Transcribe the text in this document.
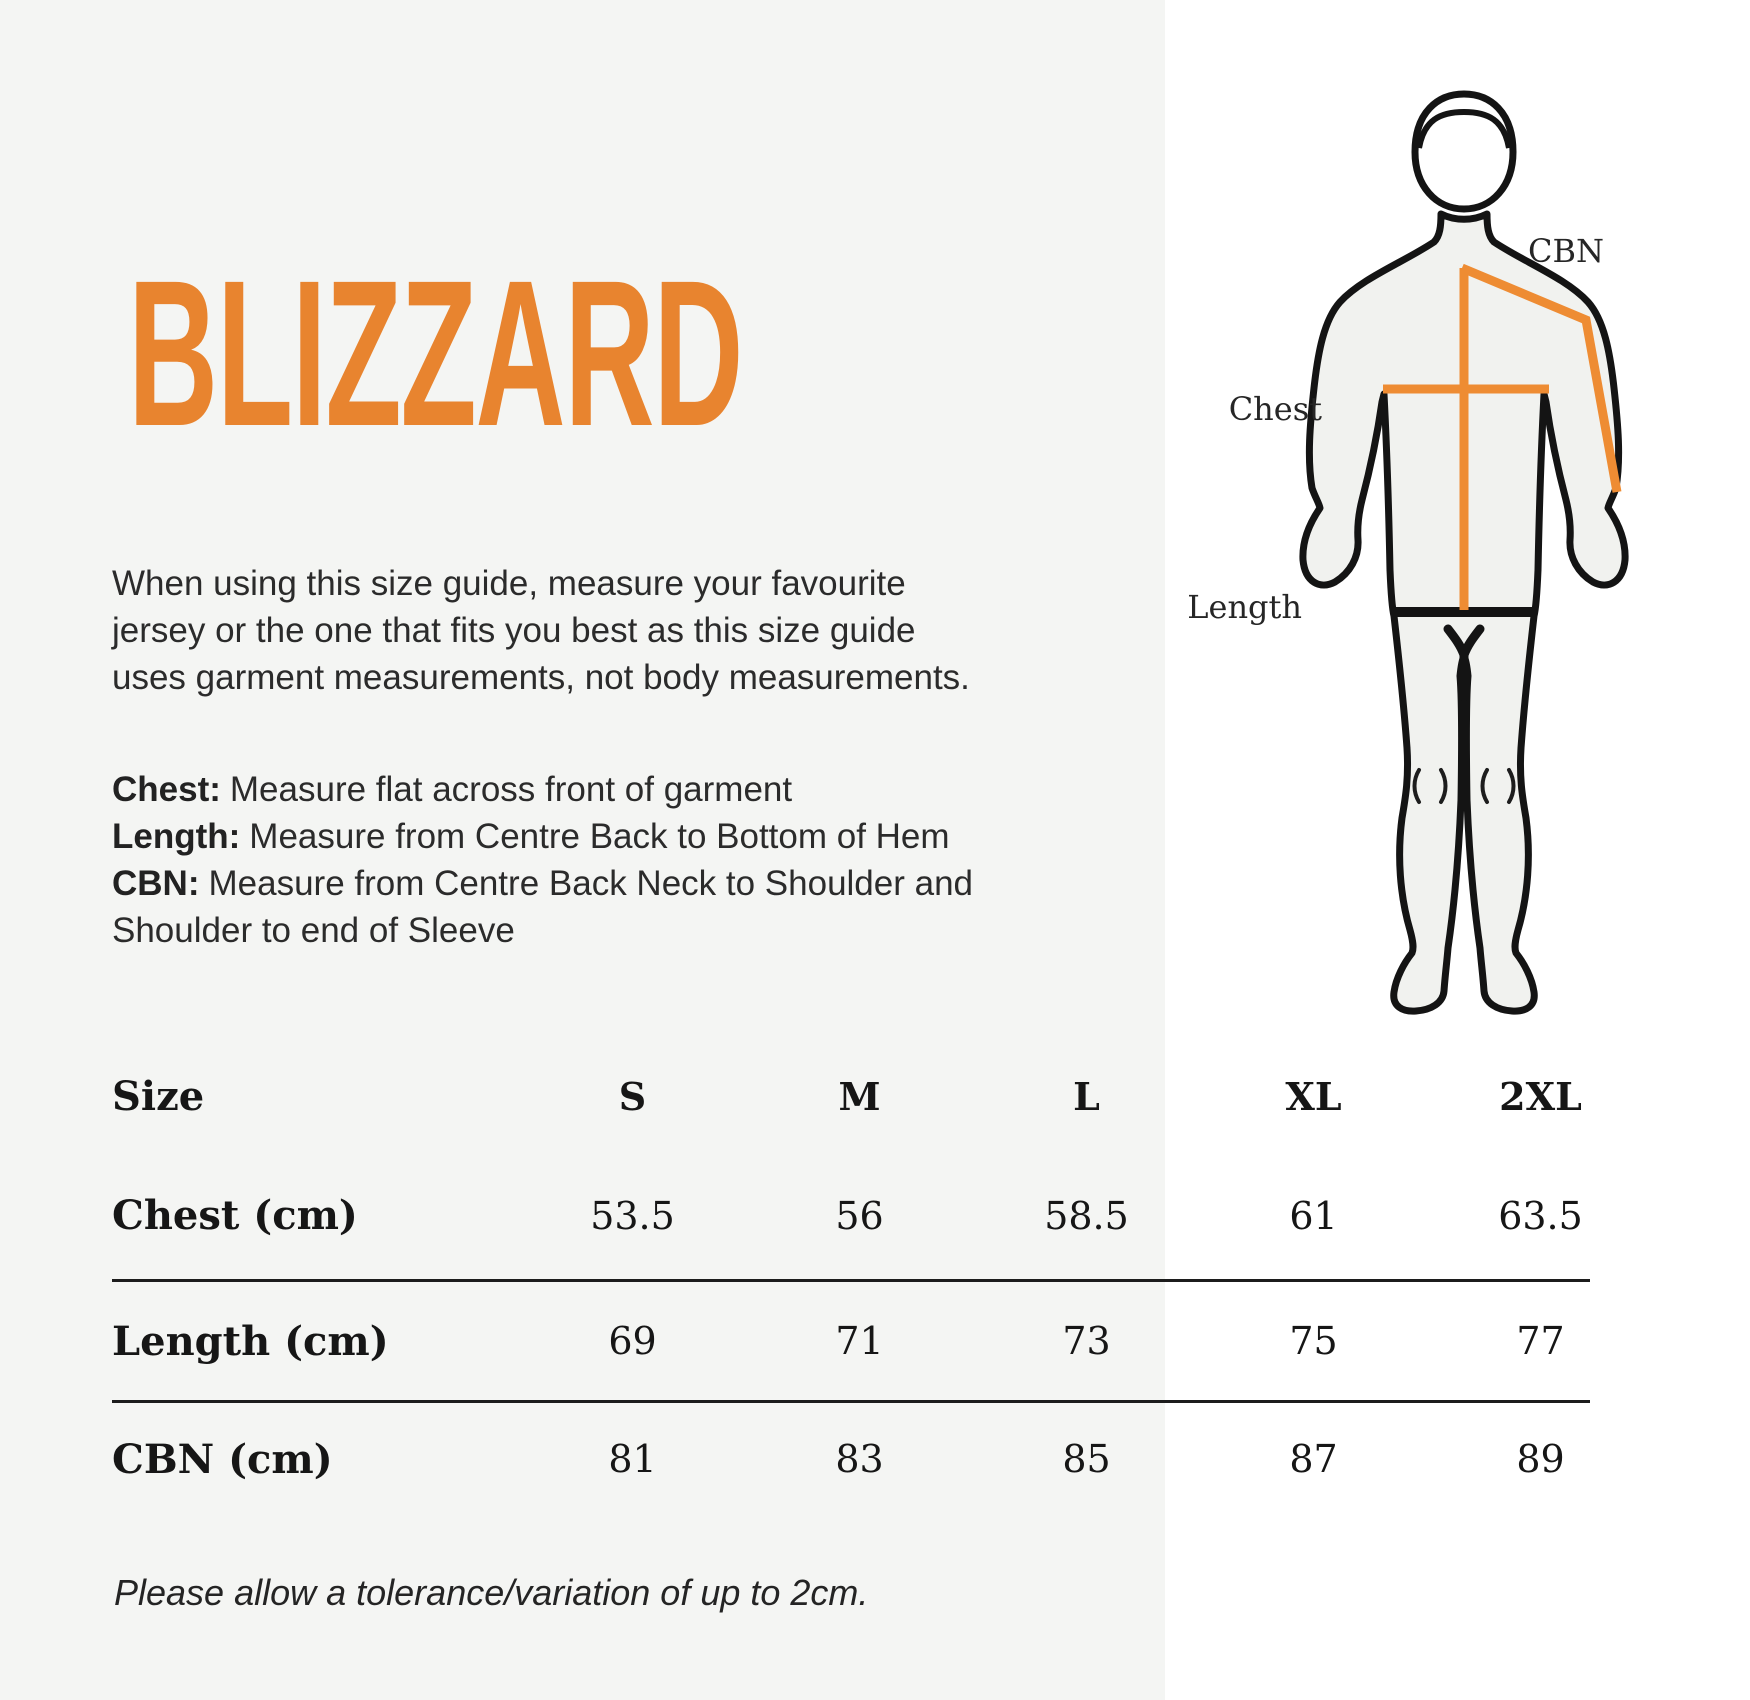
BLIZZARD
When using this size guide, measure your favourite
jersey or the one that fits you best as this size guide
uses garment measurements, not body measurements.
Chest: Measure flat across front of garment
Length: Measure from Centre Back to Bottom of Hem
CBN: Measure from Centre Back Neck to Shoulder and
Shoulder to end of Sleeve
CBN
Chest
Length
Size	S	M	L	XL	2XL
Chest (cm)	53.5	56	58.5	61	63.5
Length (cm)	69	71	73	75	77
CBN (cm)	81	83	85	87	89
Please allow a tolerance/variation of up to 2cm.
